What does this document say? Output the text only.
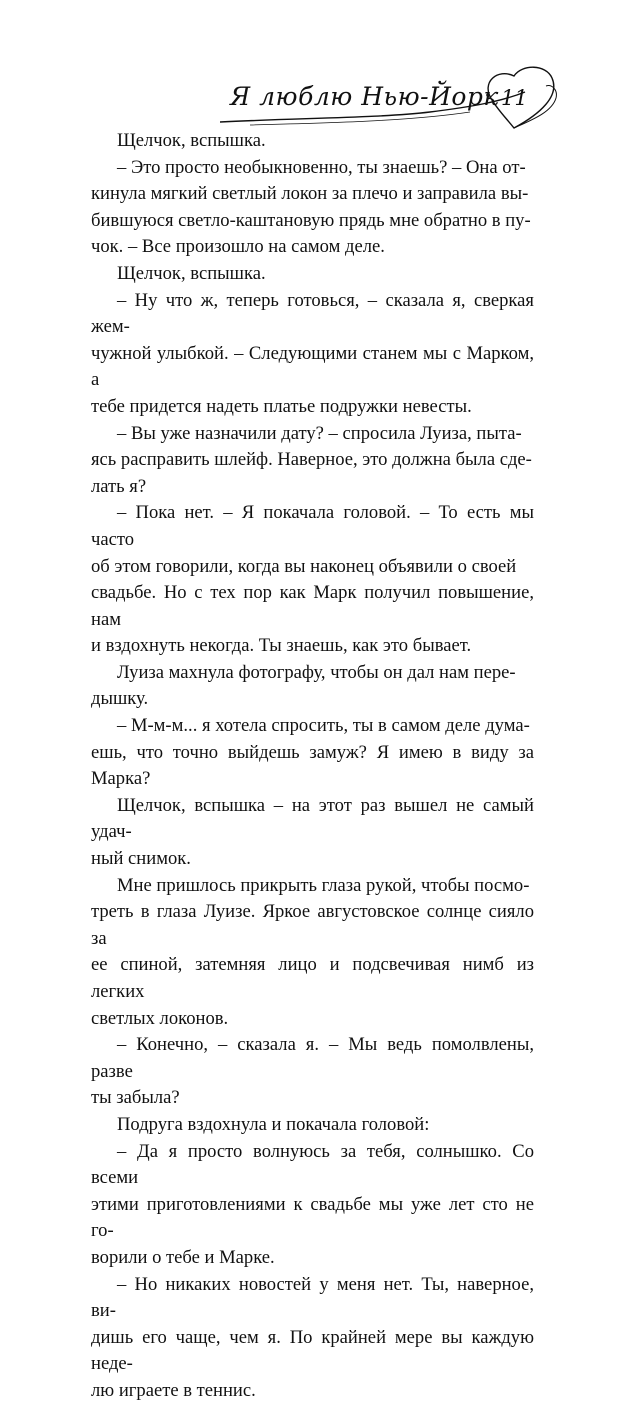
Я люблю Нью-Йорк 11

Щелчок, вспышка.

– Это просто необыкновенно, ты знаешь? – Она от-
кинула мягкий светлый локон за плечо и заправила вы-
бившуюся светло-каштановую прядь мне обратно в пу-
чок. – Все произошло на самом деле.

Щелчок, вспышка.

– Ну что ж, теперь готовься, – сказала я, сверкая жем-
чужной улыбкой. – Следующими станем мы с Марком, а
тебе придется надеть платье подружки невесты.

– Вы уже назначили дату? – спросила Луиза, пыта-
ясь расправить шлейф. Наверное, это должна была сде-
лать я?

– Пока нет. – Я покачала головой. – То есть мы часто
об этом говорили, когда вы наконец объявили о своей
свадьбе. Но с тех пор как Марк получил повышение, нам
и вздохнуть некогда. Ты знаешь, как это бывает.

Луиза махнула фотографу, чтобы он дал нам пере-
дышку.

– М-м-м... я хотела спросить, ты в самом деле дума-
ешь, что точно выйдешь замуж? Я имею в виду за Марка?

Щелчок, вспышка – на этот раз вышел не самый удач-
ный снимок.

Мне пришлось прикрыть глаза рукой, чтобы посмо-
треть в глаза Луизе. Яркое августовское солнце сияло за
ее спиной, затемняя лицо и подсвечивая нимб из легких
светлых локонов.

– Конечно, – сказала я. – Мы ведь помолвлены, разве
ты забыла?

Подруга вздохнула и покачала головой:

– Да я просто волнуюсь за тебя, солнышко. Со всеми
этими приготовлениями к свадьбе мы уже лет сто не го-
ворили о тебе и Марке.

– Но никаких новостей у меня нет. Ты, наверное, ви-
дишь его чаще, чем я. По крайней мере вы каждую неде-
лю играете в теннис.
